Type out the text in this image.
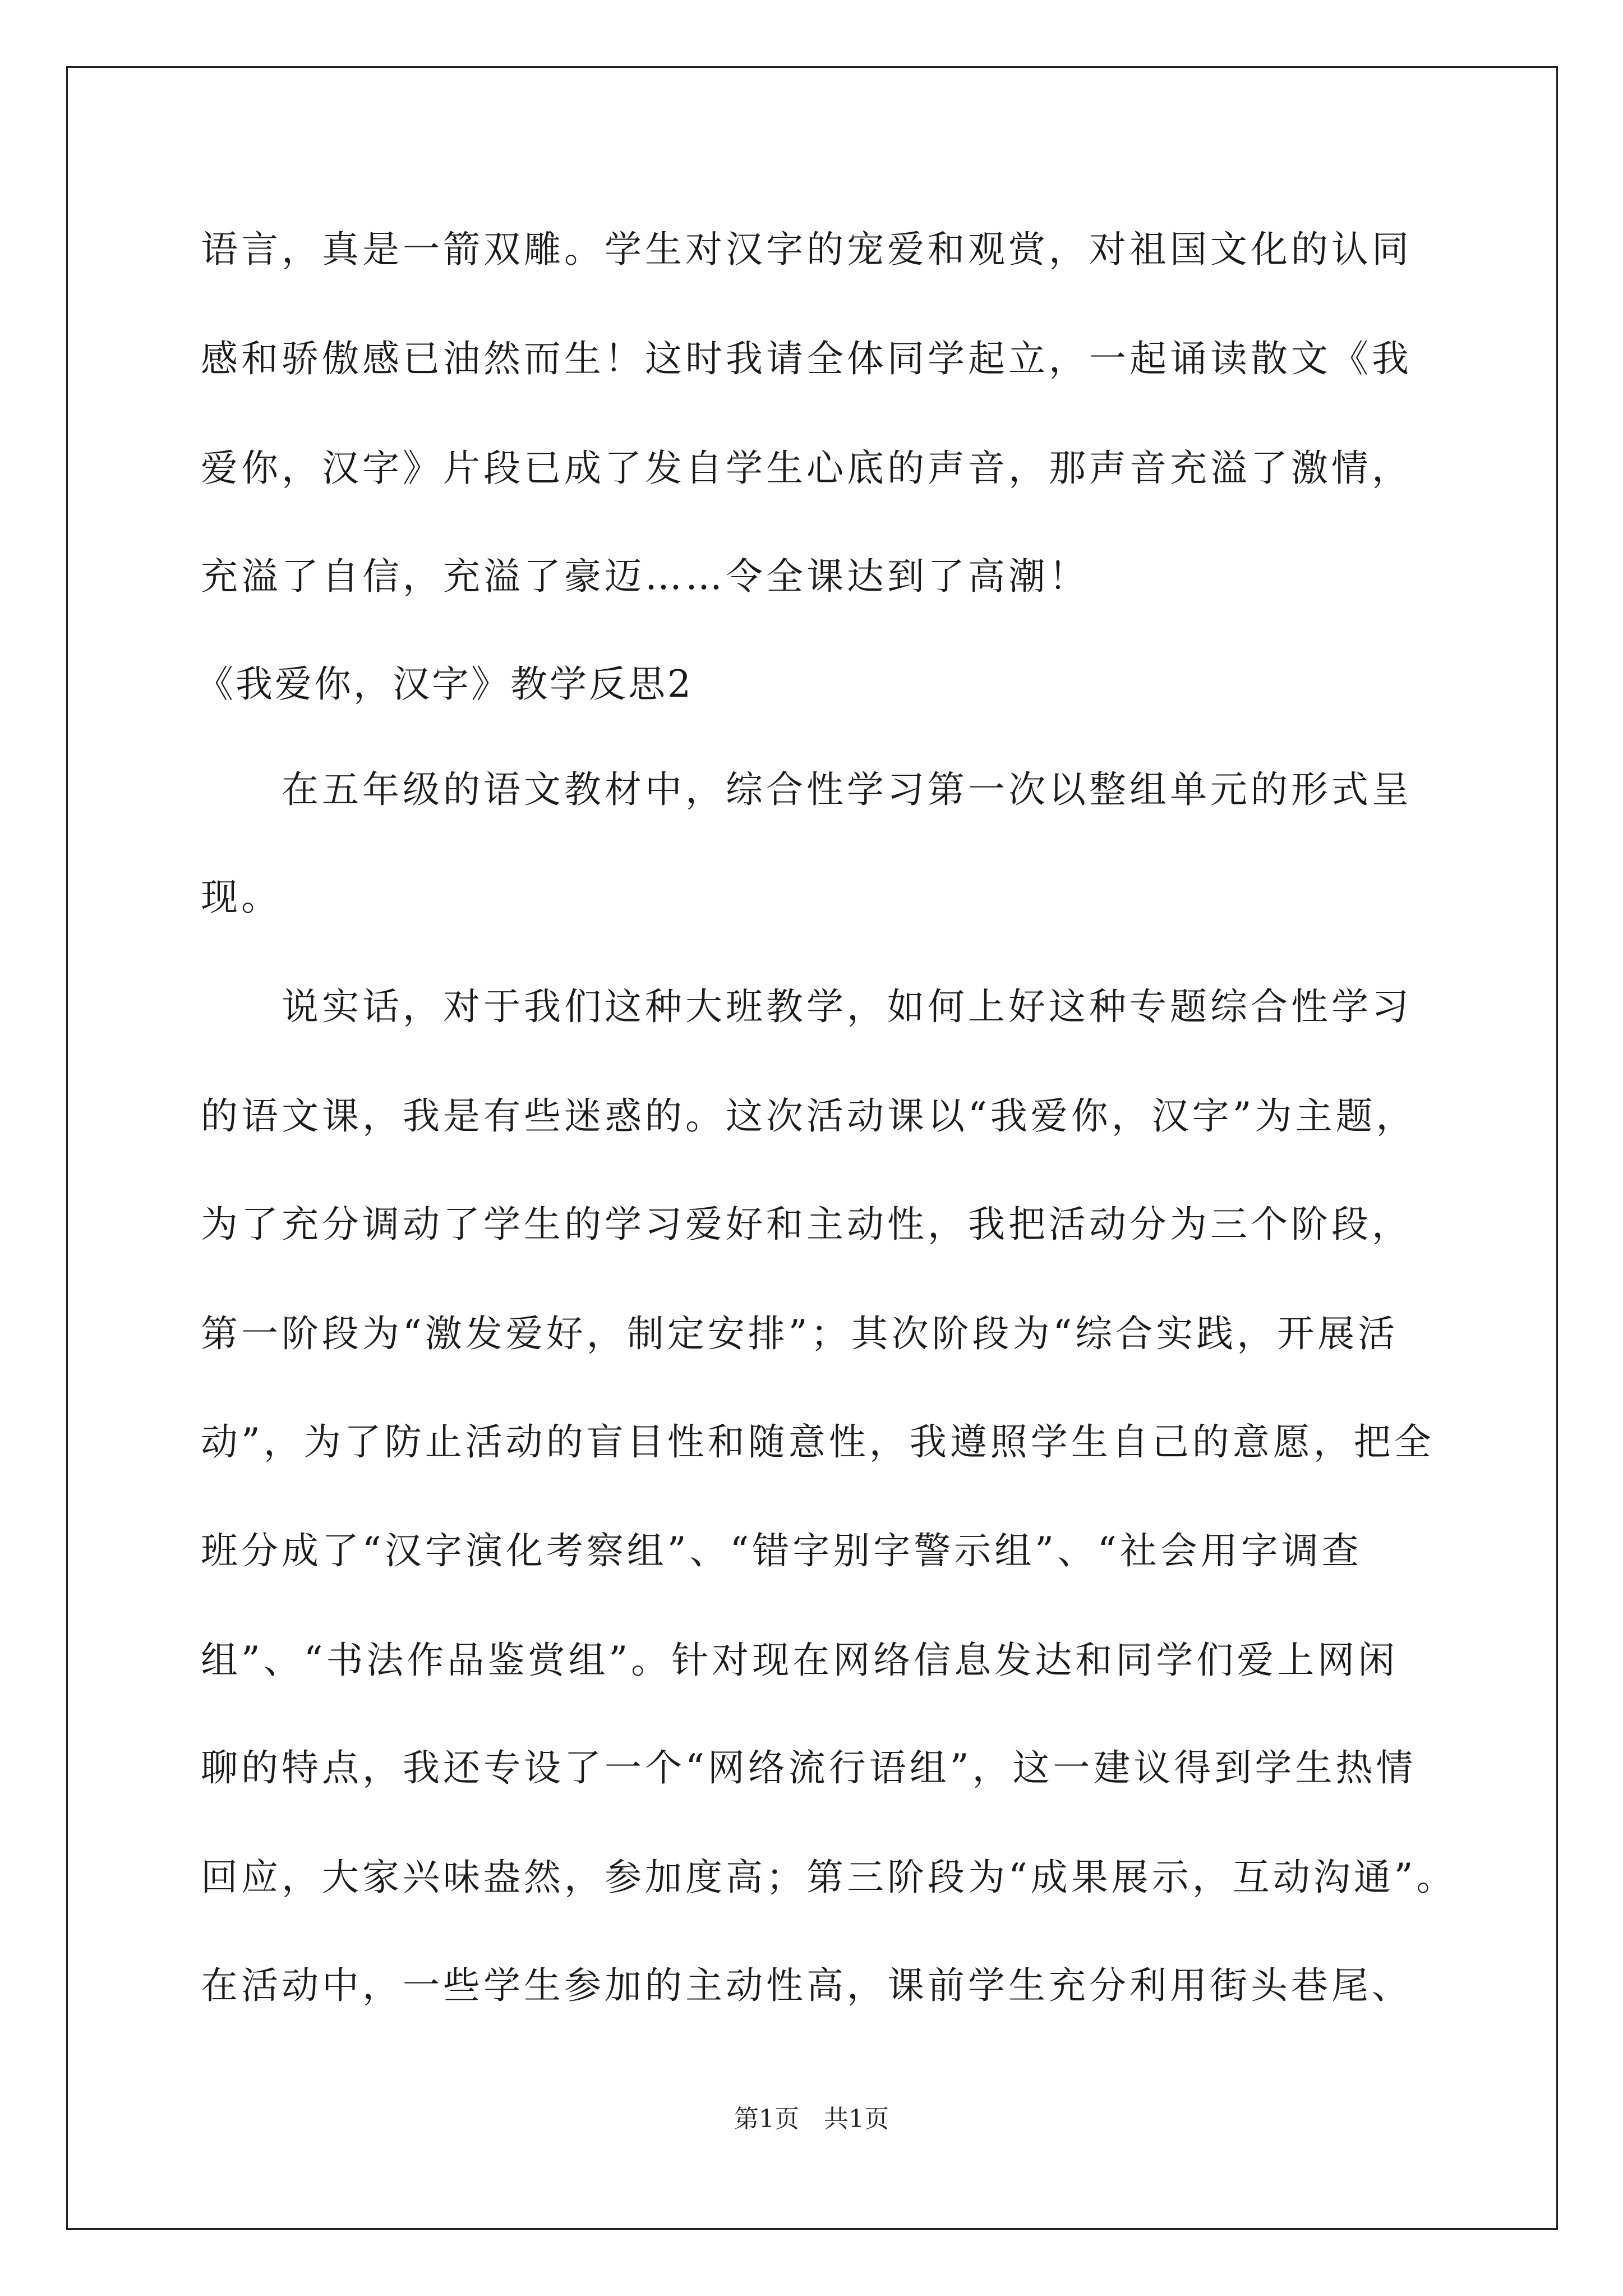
语言，真是一箭双雕。学生对汉字的宠爱和观赏，对祖国文化的认同
感和骄傲感已油然而生！这时我请全体同学起立，一起诵读散文《我
爱你，汉字》片段已成了发自学生心底的声音，那声音充溢了激情，
充溢了自信，充溢了豪迈……令全课达到了高潮！
《我爱你，汉字》教学反思2
　　在五年级的语文教材中，综合性学习第一次以整组单元的形式呈
现。
　　说实话，对于我们这种大班教学，如何上好这种专题综合性学习
的语文课，我是有些迷惑的。这次活动课以“我爱你，汉字”为主题，
为了充分调动了学生的学习爱好和主动性，我把活动分为三个阶段，
第一阶段为“激发爱好，制定安排”；其次阶段为“综合实践，开展活
动”，为了防止活动的盲目性和随意性，我遵照学生自己的意愿，把全
班分成了“汉字演化考察组”、“错字别字警示组”、“社会用字调查
组”、“书法作品鉴赏组”。针对现在网络信息发达和同学们爱上网闲
聊的特点，我还专设了一个“网络流行语组”，这一建议得到学生热情
回应，大家兴味盎然，参加度高；第三阶段为“成果展示，互动沟通”。
在活动中，一些学生参加的主动性高，课前学生充分利用街头巷尾、
第1页　共1页
